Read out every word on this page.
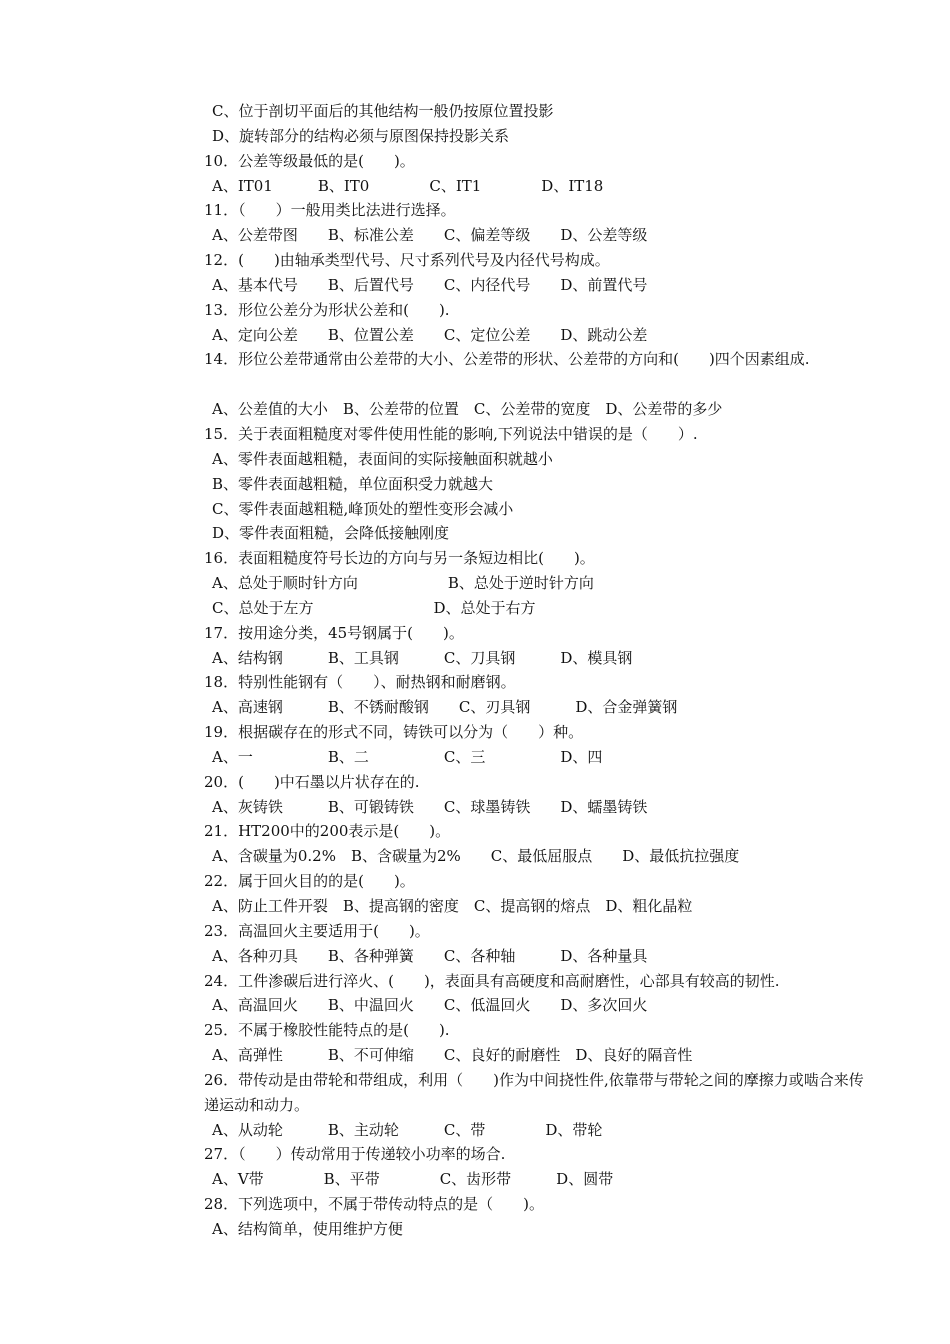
C、位于剖切平面后的其他结构一般仍按原位置投影
D、旋转部分的结构必须与原图保持投影关系
10．公差等级最低的是(　　)。
A、IT01　　　B、IT0　　　　C、IT1　　　　D、IT18
11．（　　）一般用类比法进行选择。
A、公差带图　　B、标准公差　　C、偏差等级　　D、公差等级
12．(　　)由轴承类型代号、尺寸系列代号及内径代号构成。
A、基本代号　　B、后置代号　　C、内径代号　　D、前置代号
13．形位公差分为形状公差和(　　).
A、定向公差　　B、位置公差　　C、定位公差　　D、跳动公差
14．形位公差带通常由公差带的大小、公差带的形状、公差带的方向和(　　)四个因素组成.
A、公差值的大小　B、公差带的位置　C、公差带的宽度　D、公差带的多少
15．关于表面粗糙度对零件使用性能的影响,下列说法中错误的是（　　）.
A、零件表面越粗糙，表面间的实际接触面积就越小
B、零件表面越粗糙，单位面积受力就越大
C、零件表面越粗糙,峰顶处的塑性变形会减小
D、零件表面粗糙，会降低接触刚度
16．表面粗糙度符号长边的方向与另一条短边相比(　　)。
A、总处于顺时针方向　　　　　　B、总处于逆时针方向
C、总处于左方　　　　　　　　D、总处于右方
17．按用途分类，45号钢属于(　　)。
A、结构钢　　　B、工具钢　　　C、刀具钢　　　D、模具钢
18．特别性能钢有（　　）、耐热钢和耐磨钢。
A、高速钢　　　B、不锈耐酸钢　　C、刃具钢　　　D、合金弹簧钢
19．根据碳存在的形式不同，铸铁可以分为（　　）种。
A、一　　　　　B、二　　　　　C、三　　　　　D、四
20．(　　)中石墨以片状存在的.
A、灰铸铁　　　B、可锻铸铁　　C、球墨铸铁　　D、蠕墨铸铁
21．HT200中的200表示是(　　)。
A、含碳量为0.2%　B、含碳量为2%　　C、最低屈服点　　D、最低抗拉强度
22．属于回火目的的是(　　)。
A、防止工件开裂　B、提高钢的密度　C、提高钢的熔点　D、粗化晶粒
23．高温回火主要适用于(　　)。
A、各种刃具　　B、各种弹簧　　C、各种轴　　　D、各种量具
24．工件渗碳后进行淬火、(　　)，表面具有高硬度和高耐磨性，心部具有较高的韧性.
A、高温回火　　B、中温回火　　C、低温回火　　D、多次回火
25．不属于橡胶性能特点的是(　　).
A、高弹性　　　B、不可伸缩　　C、良好的耐磨性　D、良好的隔音性
26．带传动是由带轮和带组成，利用（　　)作为中间挠性件,依靠带与带轮之间的摩擦力或啮合来传递运动和动力。
A、从动轮　　　B、主动轮　　　C、带　　　　D、带轮
27．（　　）传动常用于传递较小功率的场合.
A、V带　　　　B、平带　　　　C、齿形带　　　D、圆带
28．下列选项中，不属于带传动特点的是（　　)。
A、结构简单，使用维护方便
